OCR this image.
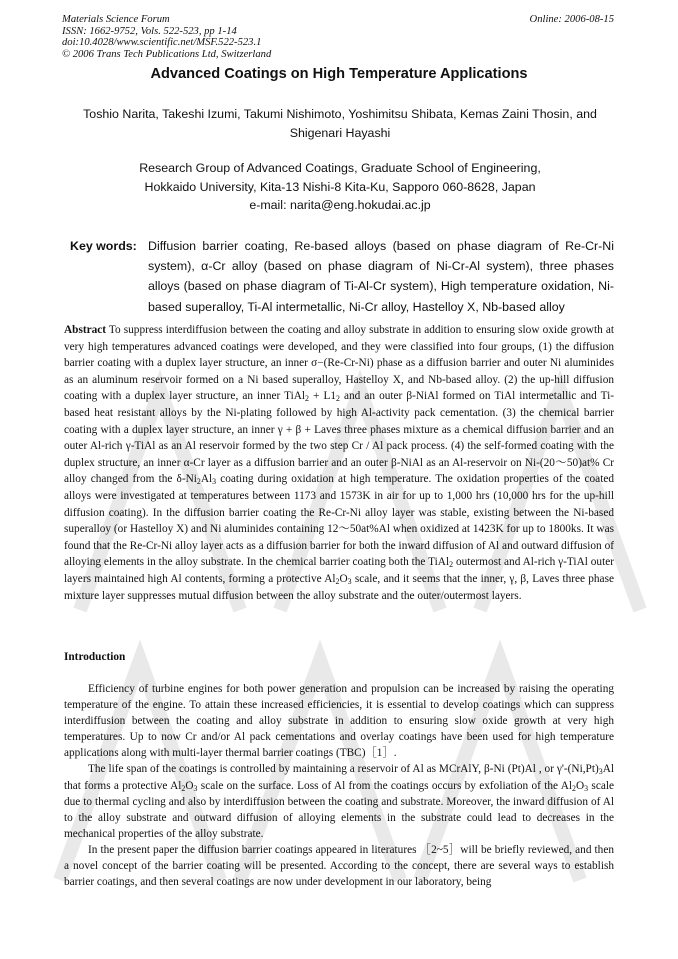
Materials Science Forum
ISSN: 1662-9752, Vols. 522-523, pp 1-14
doi:10.4028/www.scientific.net/MSF.522-523.1
© 2006 Trans Tech Publications Ltd, Switzerland
Online: 2006-08-15
Advanced Coatings on High Temperature Applications
Toshio Narita, Takeshi Izumi, Takumi Nishimoto, Yoshimitsu Shibata, Kemas Zaini Thosin, and Shigenari Hayashi
Research Group of Advanced Coatings, Graduate School of Engineering,
Hokkaido University, Kita-13 Nishi-8 Kita-Ku, Sapporo 060-8628, Japan
e-mail: narita@eng.hokudai.ac.jp
Key words: Diffusion barrier coating, Re-based alloys (based on phase diagram of Re-Cr-Ni system), α-Cr alloy (based on phase diagram of Ni-Cr-Al system), three phases alloys (based on phase diagram of Ti-Al-Cr system), High temperature oxidation, Ni-based superalloy, Ti-Al intermetallic, Ni-Cr alloy, Hastelloy X, Nb-based alloy
Abstract To suppress interdiffusion between the coating and alloy substrate in addition to ensuring slow oxide growth at very high temperatures advanced coatings were developed, and they were classified into four groups, (1) the diffusion barrier coating with a duplex layer structure, an inner σ−(Re-Cr-Ni) phase as a diffusion barrier and outer Ni aluminides as an aluminum reservoir formed on a Ni based superalloy, Hastelloy X, and Nb-based alloy. (2) the up-hill diffusion coating with a duplex layer structure, an inner TiAl$_2$ + $L1_2$ and an outer β-NiAl formed on TiAl intermetallic and Ti-based heat resistant alloys by the Ni-plating followed by high Al-activity pack cementation. (3) the chemical barrier coating with a duplex layer structure, an inner γ + β + Laves three phases mixture as a chemical diffusion barrier and an outer Al-rich γ-TiAl as an Al reservoir formed by the two step Cr / Al pack process. (4) the self-formed coating with the duplex structure, an inner α-Cr layer as a diffusion barrier and an outer β-NiAl as an Al-reservoir on Ni-(20〜50)at% Cr alloy changed from the $\delta-Ni_2Al_3$ coating during oxidation at high temperature. The oxidation properties of the coated alloys were investigated at temperatures between 1173 and 1573K in air for up to 1,000 hrs (10,000 hrs for the up-hill diffusion coating). In the diffusion barrier coating the Re-Cr-Ni alloy layer was stable, existing between the Ni-based superalloy (or Hastelloy X) and Ni aluminides containing 12〜50at%Al when oxidized at 1423K for up to 1800ks. It was found that the Re-Cr-Ni alloy layer acts as a diffusion barrier for both the inward diffusion of Al and outward diffusion of alloying elements in the alloy substrate. In the chemical barrier coating both the TiAl$_2$ outermost and Al-rich γ-TiAl outer layers maintained high Al contents, forming a protective $Al_2O_3$ scale, and it seems that the inner, γ, β, Laves three phase mixture layer suppresses mutual diffusion between the alloy substrate and the outer/outermost layers.
Introduction

Efficiency of turbine engines for both power generation and propulsion can be increased by raising the operating temperature of the engine. To attain these increased efficiencies, it is essential to develop coatings which can suppress interdiffusion between the coating and alloy substrate in addition to ensuring slow oxide growth at very high temperatures. Up to now Cr and/or Al pack cementations and overlay coatings have been used for high temperature applications along with multi-layer thermal barrier coatings (TBC)［1］.

The life span of the coatings is controlled by maintaining a reservoir of Al as MCrAlY, β-Ni (Pt)Al , or $\gamma'-(Ni,Pt)_3Al$ that forms a protective $Al_2O_3$ scale on the surface. Loss of Al from the coatings occurs by exfoliation of the $Al_2O_3$ scale due to thermal cycling and also by interdiffusion between the coating and substrate. Moreover, the inward diffusion of Al to the alloy substrate and outward diffusion of alloying elements in the substrate could lead to decreases in the mechanical properties of the alloy substrate.

In the present paper the diffusion barrier coatings appeared in literatures ［2~5］will be briefly reviewed, and then a novel concept of the barrier coating will be presented. According to the concept, there are several ways to establish barrier coatings, and then several coatings are now under development in our laboratory, being
